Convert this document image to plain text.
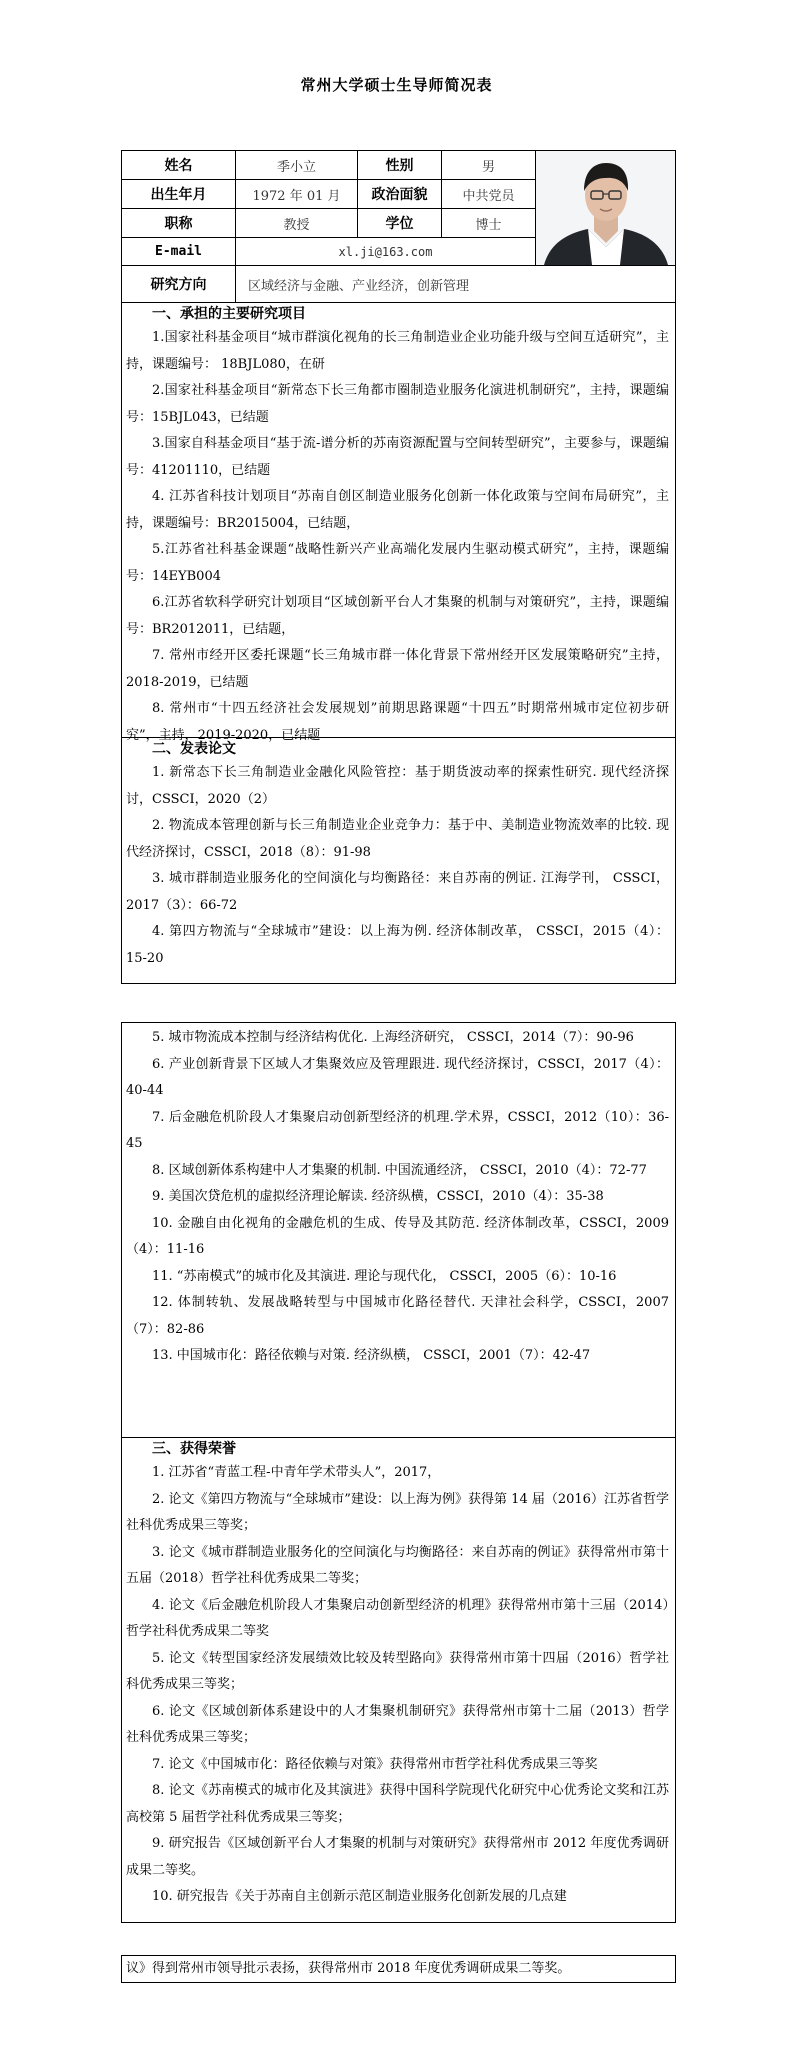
常州大学硕士生导师简况表
姓名	季小立	性别	男
出生年月	1972 年 01 月	政治面貌	中共党员
职称	教授	学位	博士
E-mail	xl.ji@163.com
研究方向	区域经济与金融、产业经济，创新管理
一、承担的主要研究项目
1.国家社科基金项目“城市群演化视角的长三角制造业企业功能升级与空间互适研究”，主持，课题编号： 18BJL080，在研
2.国家社科基金项目“新常态下长三角都市圈制造业服务化演进机制研究”，主持，课题编号：15BJL043，已结题
3.国家自科基金项目“基于流-谱分析的苏南资源配置与空间转型研究”，主要参与，课题编号：41201110，已结题
4. 江苏省科技计划项目“苏南自创区制造业服务化创新一体化政策与空间布局研究”，主持，课题编号：BR2015004，已结题，
5.江苏省社科基金课题“战略性新兴产业高端化发展内生驱动模式研究”，主持，课题编号：14EYB004
6.江苏省软科学研究计划项目“区域创新平台人才集聚的机制与对策研究”，主持，课题编号：BR2012011，已结题，
7. 常州市经开区委托课题“长三角城市群一体化背景下常州经开区发展策略研究”主持，2018-2019，已结题
8. 常州市“十四五经济社会发展规划”前期思路课题“十四五”时期常州城市定位初步研究”，主持，2019-2020，已结题
二、发表论文
1. 新常态下长三角制造业金融化风险管控：基于期货波动率的探索性研究. 现代经济探讨，CSSCI，2020（2）
2. 物流成本管理创新与长三角制造业企业竞争力：基于中、美制造业物流效率的比较. 现代经济探讨，CSSCI，2018（8）：91-98
3. 城市群制造业服务化的空间演化与均衡路径：来自苏南的例证. 江海学刊， CSSCI，2017（3）：66-72
4. 第四方物流与“全球城市”建设：以上海为例. 经济体制改革， CSSCI，2015（4）：15-20
5. 城市物流成本控制与经济结构优化. 上海经济研究， CSSCI，2014（7）：90-96
6. 产业创新背景下区域人才集聚效应及管理跟进. 现代经济探讨，CSSCI，2017（4）：40-44
7. 后金融危机阶段人才集聚启动创新型经济的机理.学术界，CSSCI，2012（10）：36-45
8. 区域创新体系构建中人才集聚的机制. 中国流通经济， CSSCI，2010（4）：72-77
9. 美国次贷危机的虚拟经济理论解读. 经济纵横，CSSCI，2010（4）：35-38
10. 金融自由化视角的金融危机的生成、传导及其防范. 经济体制改革，CSSCI，2009（4）：11-16
11. “苏南模式”的城市化及其演进. 理论与现代化， CSSCI，2005（6）：10-16
12. 体制转轨、发展战略转型与中国城市化路径替代. 天津社会科学，CSSCI，2007（7）：82-86
13. 中国城市化：路径依赖与对策. 经济纵横， CSSCI，2001（7）：42-47
三、获得荣誉
1. 江苏省“青蓝工程-中青年学术带头人”，2017，
2. 论文《第四方物流与“全球城市”建设：以上海为例》获得第 14 届（2016）江苏省哲学社科优秀成果三等奖；
3. 论文《城市群制造业服务化的空间演化与均衡路径：来自苏南的例证》获得常州市第十五届（2018）哲学社科优秀成果二等奖；
4. 论文《后金融危机阶段人才集聚启动创新型经济的机理》获得常州市第十三届（2014）哲学社科优秀成果二等奖
5. 论文《转型国家经济发展绩效比较及转型路向》获得常州市第十四届（2016）哲学社科优秀成果三等奖；
6. 论文《区域创新体系建设中的人才集聚机制研究》获得常州市第十二届（2013）哲学社科优秀成果三等奖；
7. 论文《中国城市化：路径依赖与对策》获得常州市哲学社科优秀成果三等奖
8. 论文《苏南模式的城市化及其演进》获得中国科学院现代化研究中心优秀论文奖和江苏高校第 5 届哲学社科优秀成果三等奖；
9. 研究报告《区域创新平台人才集聚的机制与对策研究》获得常州市 2012 年度优秀调研成果二等奖。
10. 研究报告《关于苏南自主创新示范区制造业服务化创新发展的几点建
议》得到常州市领导批示表扬，获得常州市 2018 年度优秀调研成果二等奖。
